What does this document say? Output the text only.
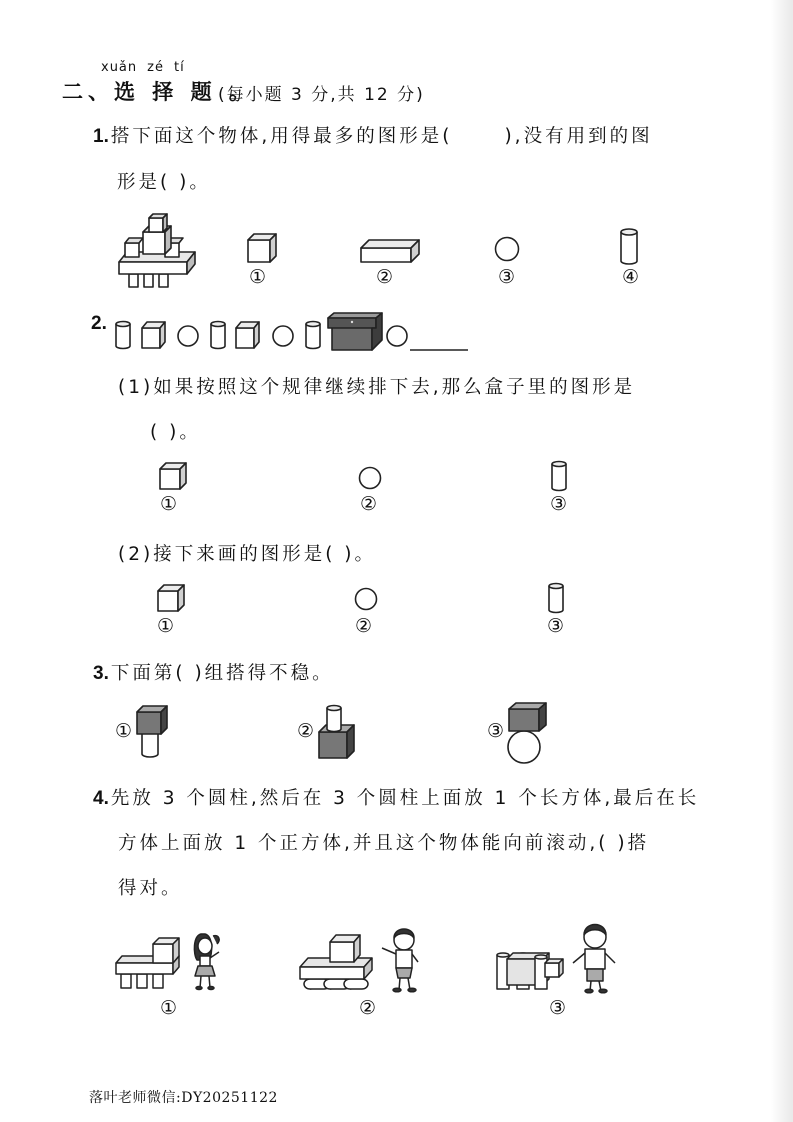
xuǎn zé tí
二、选 择 题 。
(每小题 3 分,共 12 分)
1. 搭下面这个物体,用得最多的图形是(	),没有用到的图
形是( )。
①	②	③	④
2.
(1)如果按照这个规律继续排下去,那么盒子里的图形是
( )。
①	②	③
(2)接下来画的图形是( )。
①	②	③
3. 下面第( )组搭得不稳。
①	②	③
4. 先放 3 个圆柱,然后在 3 个圆柱上面放 1 个长方体,最后在长
方体上面放 1 个正方体,并且这个物体能向前滚动,( )搭
得对。
①	②	③
落叶老师微信:DY20251122
